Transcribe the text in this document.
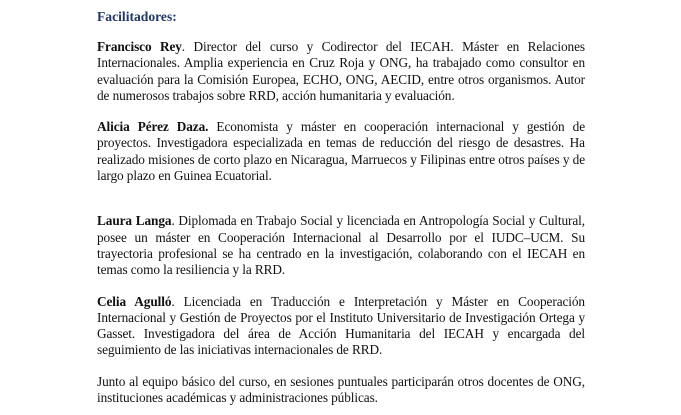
Facilitadores:

Francisco Rey. Director del curso y Codirector del IECAH. Máster en Relaciones Internacionales. Amplia experiencia en Cruz Roja y ONG, ha trabajado como consultor en evaluación para la Comisión Europea, ECHO, ONG, AECID, entre otros organismos. Autor de numerosos trabajos sobre RRD, acción humanitaria y evaluación.

Alicia Pérez Daza. Economista y máster en cooperación internacional y gestión de proyectos. Investigadora especializada en temas de reducción del riesgo de desastres. Ha realizado misiones de corto plazo en Nicaragua, Marruecos y Filipinas entre otros países y de largo plazo en Guinea Ecuatorial.

Laura Langa. Diplomada en Trabajo Social y licenciada en Antropología Social y Cultural, posee un máster en Cooperación Internacional al Desarrollo por el IUDC–UCM. Su trayectoria profesional se ha centrado en la investigación, colaborando con el IECAH en temas como la resiliencia y la RRD.

Celia Agulló. Licenciada en Traducción e Interpretación y Máster en Cooperación Internacional y Gestión de Proyectos por el Instituto Universitario de Investigación Ortega y Gasset. Investigadora del área de Acción Humanitaria del IECAH y encargada del seguimiento de las iniciativas internacionales de RRD.

Junto al equipo básico del curso, en sesiones puntuales participarán otros docentes de ONG, instituciones académicas y administraciones públicas.
